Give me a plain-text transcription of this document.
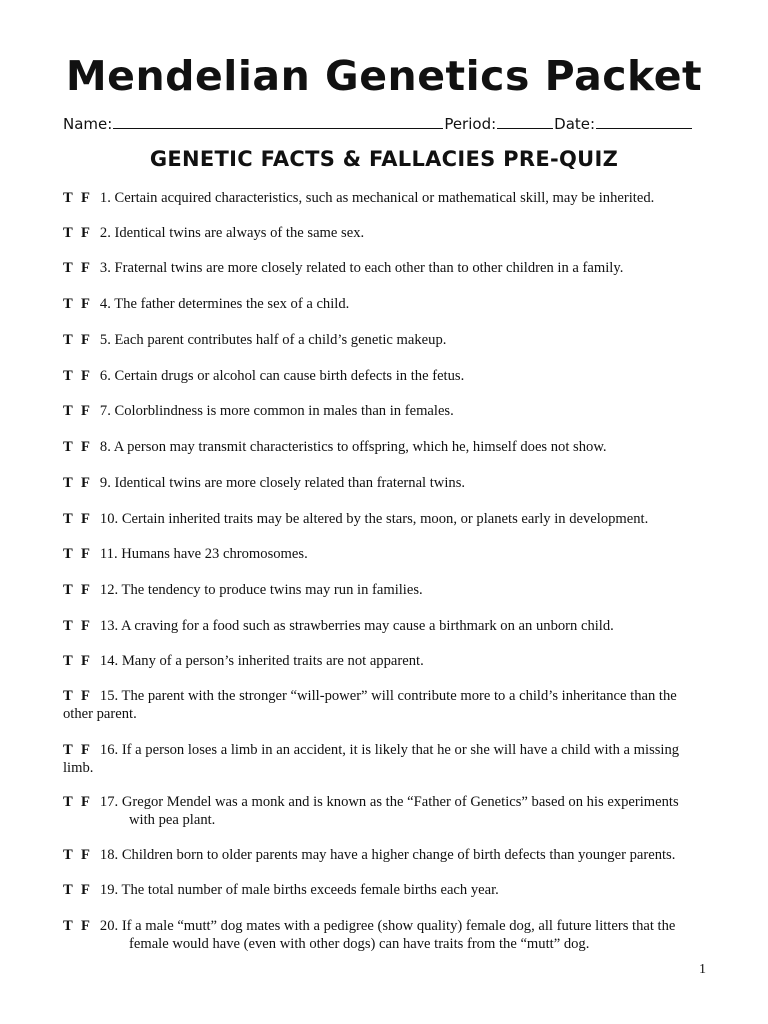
Mendelian Genetics Packet
Name:	Period:	Date:
GENETIC FACTS & FALLACIES PRE-QUIZ
T F 1. Certain acquired characteristics, such as mechanical or mathematical skill, may be inherited.
T F 2. Identical twins are always of the same sex.
T F 3. Fraternal twins are more closely related to each other than to other children in a family.
T F 4. The father determines the sex of a child.
T F 5. Each parent contributes half of a child’s genetic makeup.
T F 6. Certain drugs or alcohol can cause birth defects in the fetus.
T F 7. Colorblindness is more common in males than in females.
T F 8. A person may transmit characteristics to offspring, which he, himself does not show.
T F 9. Identical twins are more closely related than fraternal twins.
T F 10. Certain inherited traits may be altered by the stars, moon, or planets early in development.
T F 11. Humans have 23 chromosomes.
T F 12. The tendency to produce twins may run in families.
T F 13. A craving for a food such as strawberries may cause a birthmark on an unborn child.
T F 14. Many of a person’s inherited traits are not apparent.
T F 15. The parent with the stronger “will-power” will contribute more to a child’s inheritance than the
other parent.
T F 16. If a person loses a limb in an accident, it is likely that he or she will have a child with a missing
limb.
T F 17. Gregor Mendel was a monk and is known as the “Father of Genetics” based on his experiments
with pea plant.
T F 18. Children born to older parents may have a higher change of birth defects than younger parents.
T F 19. The total number of male births exceeds female births each year.
T F 20. If a male “mutt” dog mates with a pedigree (show quality) female dog, all future litters that the
female would have (even with other dogs) can have traits from the “mutt” dog.
1
